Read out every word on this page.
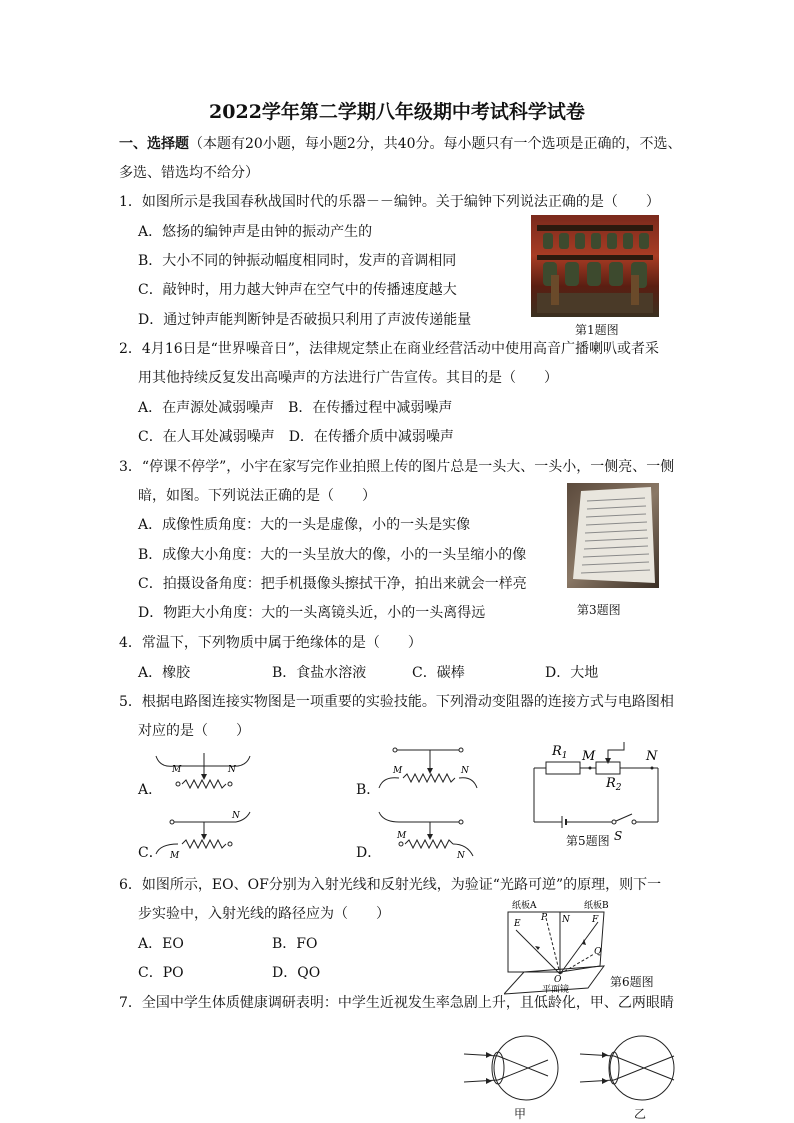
2022学年第二学期八年级期中考试科学试卷
一、选择题（本题有20小题，每小题2分，共40分。每小题只有一个选项是正确的，不选、
多选、错选均不给分）
1．如图所示是我国春秋战国时代的乐器－－编钟。关于编钟下列说法正确的是（　　）
A．悠扬的编钟声是由钟的振动产生的
B．大小不同的钟振动幅度相同时，发声的音调相同
C．敲钟时，用力越大钟声在空气中的传播速度越大
D．通过钟声能判断钟是否破损只利用了声波传递能量
第1题图
2．4月16日是“世界噪音日”，法律规定禁止在商业经营活动中使用高音广播喇叭或者采
用其他持续反复发出高噪声的方法进行广告宣传。其目的是（　　）
A．在声源处减弱噪声　B．在传播过程中减弱噪声
C．在人耳处减弱噪声　D．在传播介质中减弱噪声
3．“停课不停学”，小宇在家写完作业拍照上传的图片总是一头大、一头小，一侧亮、一侧
暗，如图。下列说法正确的是（　　）
A．成像性质角度：大的一头是虚像，小的一头是实像
B．成像大小角度：大的一头呈放大的像，小的一头呈缩小的像
C．拍摄设备角度：把手机摄像头擦拭干净，拍出来就会一样亮
D．物距大小角度：大的一头离镜头近，小的一头离得远	第3题图
4．常温下，下列物质中属于绝缘体的是（　　）
A．橡胶	B．食盐水溶液	C．碳棒	D．大地
5．根据电路图连接实物图是一项重要的实验技能。下列滑动变阻器的连接方式与电路图相
对应的是（　　）
A．
M	N
B．
M	N
C． M
N
D．
M
N
$R_1$ M	N
$R_2$
S
第5题图
6．如图所示，EO、OF分别为入射光线和反射光线，为验证“光路可逆”的原理，则下一
步实验中，入射光线的路径应为（　　）
A．EO	B．FO
C．PO	D．QO
纸板A	纸板B
E
P N F
Q
O
平面镜
第6题图
7．全国中学生体质健康调研表明：中学生近视发生率急剧上升，且低龄化，甲、乙两眼睛
甲	乙
